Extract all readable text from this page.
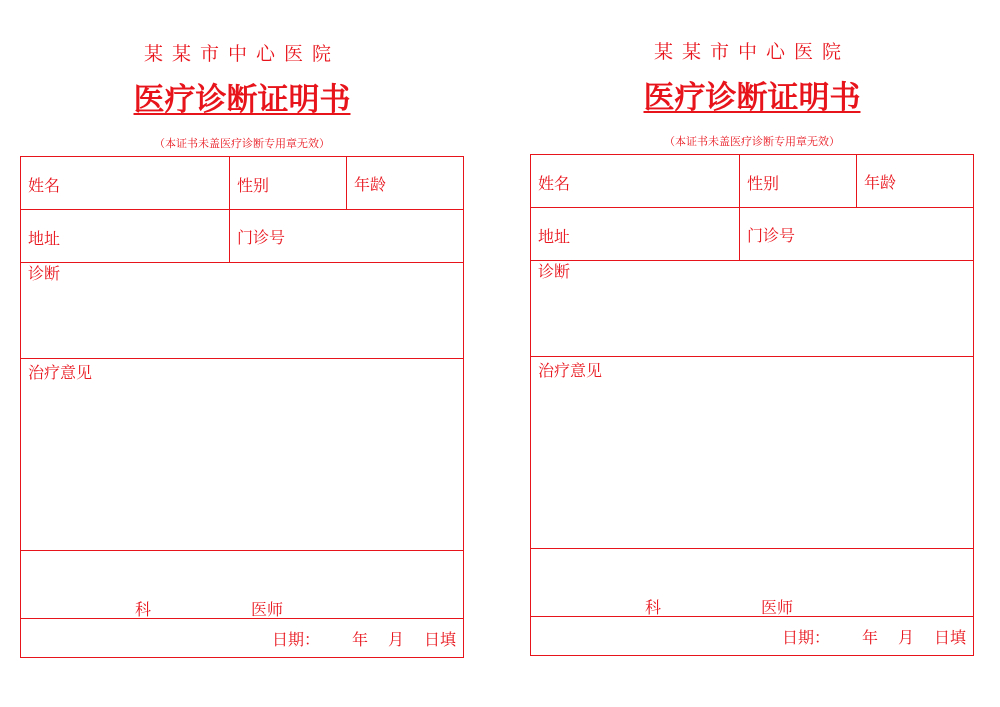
某某市中心医院
医疗诊断证明书
（本证书未盖医疗诊断专用章无效）
姓名	性别	年龄
地址	门诊号
诊断
治疗意见
科	医师
日期： 年 月 日填
某某市中心医院
医疗诊断证明书
（本证书未盖医疗诊断专用章无效）
姓名	性别	年龄
地址	门诊号
诊断
治疗意见
科	医师
日期： 年 月 日填
